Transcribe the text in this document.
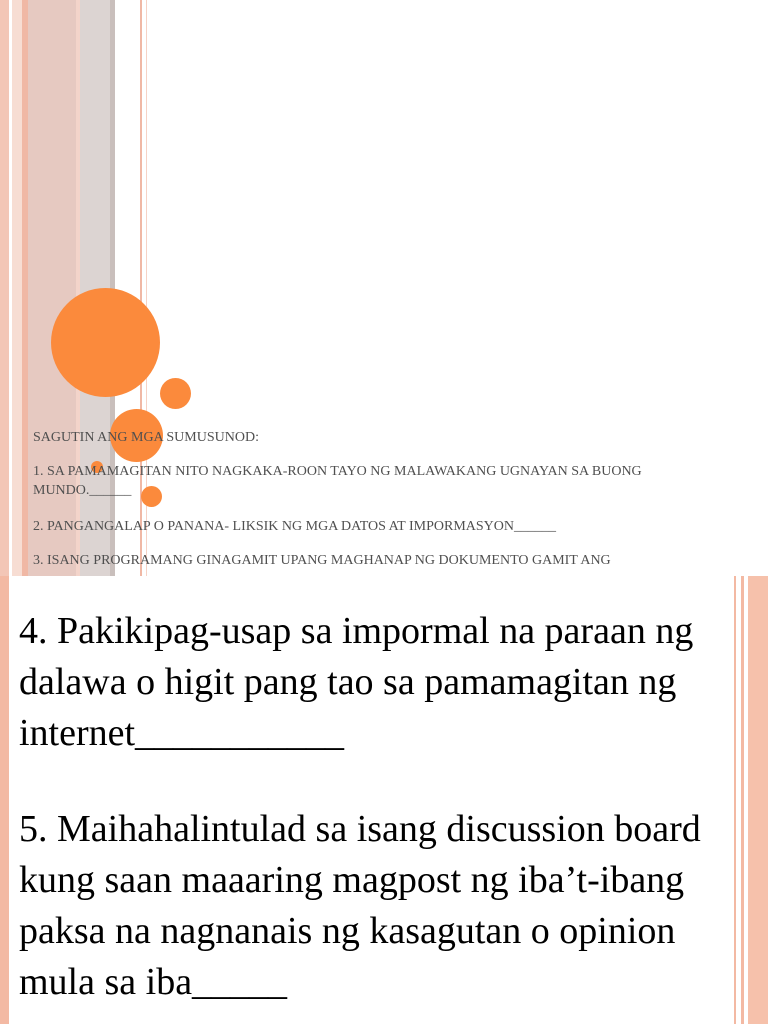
SAGUTIN ANG MGA SUMUSUNOD:

1. SA PAMAMAGITAN NITO NAGKAKA-ROON TAYO NG MALAWAKANG UGNAYAN SA BUONG MUNDO.______

2. PANGANGALAP O PANANA- LIKSIK NG MGA DATOS AT IMPORMASYON______

3. ISANG PROGRAMANG GINAGAMIT UPANG MAGHANAP NG DOKUMENTO GAMIT ANG

4. Pakikipag-usap sa impormal na paraan ng dalawa o higit pang tao sa pamamagitan ng internet___________

5. Maihahalintulad sa isang discussion board kung saan maaaring magpost ng iba’t-ibang paksa na nagnanais ng kasagutan o opinion mula sa iba_____
